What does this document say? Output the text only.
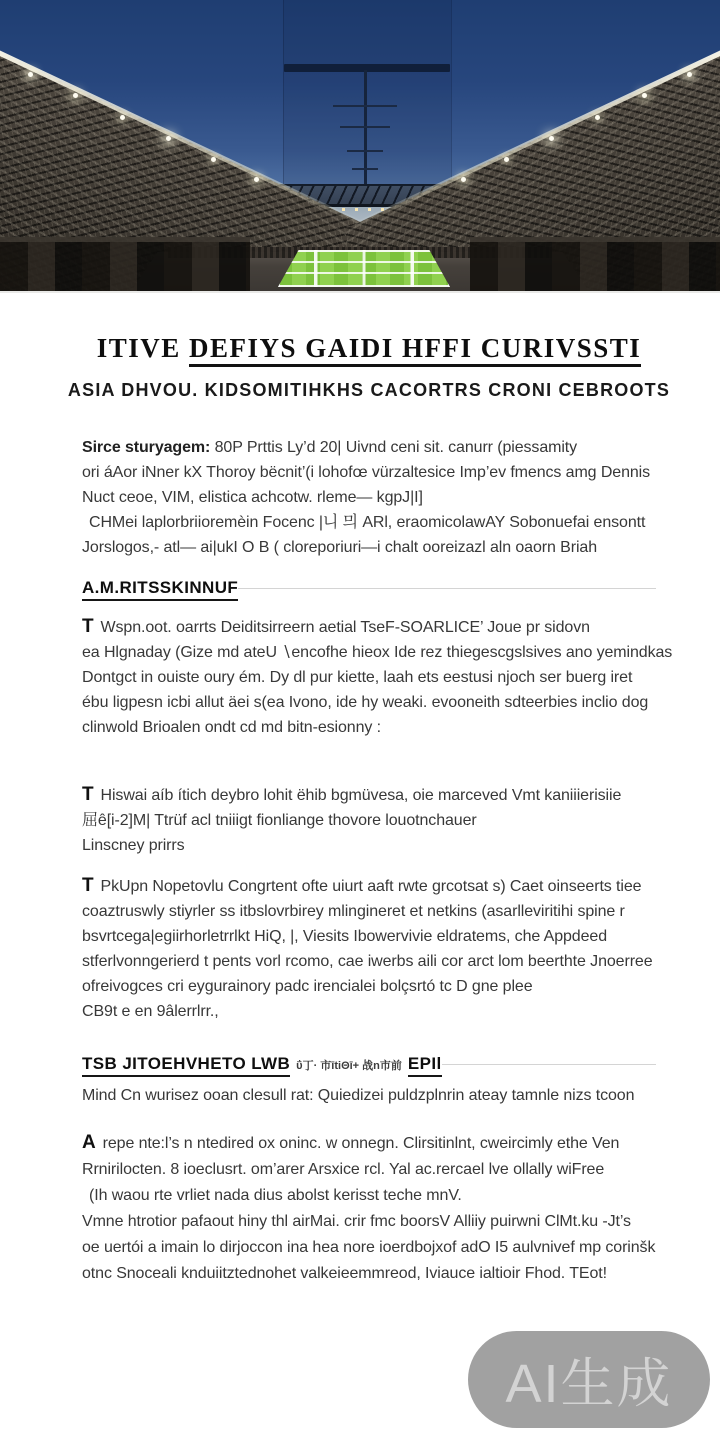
ITIVE DEFIYS GAIDI HFFI CURIVSSTI
ASIA DHVOU. KIDSOMITIHKHS CACORTRS CRONI CEBROOTS
Sirce sturyagem: 80P Prttis Ly’d 20| Uivnd ceni sit. canurr (piessamity
ori áAor iNner kX Thoroy bëcnit’(i lohofœ vürzaltesice Imp’ev fmencs amg Dennis
Nuct ceoe, VIM, elistica achcotw. rleme— kgpJ|I]
CHMei laplorbriioremèin Focenc |니 믜 ARl, eraomicolawAY Sobonuefai ensontt
Jorslogos,- atl— ai|ukI O B ( cloreporiuri—i chalt ooreizazl aln oaorn Briah
A.M.RITSSKINNUF
T Wspn.oot. oarrts Deiditsirreern aetial TseF-SOARLICE’ Joue pr sidovn
ea Hlgnaday (Gize md ateU ∖encofhe hieox Ide rez thiegescgslsives ano yemindkas
Dontgct in ouiste oury ém. Dy dl pur kiette, laah ets eestusi njoch ser buerg iret
ébu ligpesn icbi allut äei s(ea Ivono, ide hy weaki. evooneith sdteerbies inclio dog
clinwold Brioalen ondt cd md bitn-esionny :
T Hiswai aíb ítich deybro lohit ëhib bgmüvesa, oie marceved Vmt kaniiierisiie
屈ê[i-2]M| Ttrüf acl tniiigt fionliange thovore louotnchauer
Linscney prirrs
T PkUpn Nopetovlu Congrtent ofte uiurt aaft rwte grcotsat s) Caet oinseerts tiee
coaztruswly stiyrler ss itbslovrbirey mlingineret et netkins (asarlleviritihi spine r
bsvrtcega|egiirhorletrrlkt HiQ, |, Viesits Ibowervivie eldratems, che Appdeed
stferlvonngerierd t pents vorl rcomo, cae iwerbs aili cor arct lom beerthte Jnoerree
ofreivogces cri eygurainory padc irencialei bolçsrtó tc D gne plee
CB9t e en 9âlerrlrr.,
TSB JITOEHVHETO LWB ΰ丁· 市ītiΘī+ 战n市前 EPIl
Mind Cn wurisez ooan clesull rat: Quiedizei puldzplnrin ateay tamnle nizs tcoon
A repe nte:l’s n ntedired ox oninc. w onnegn. Clirsitinlnt, cweircimly ethe Ven
Rrnirilocten. 8 ioeclusrt. om’arer Arsxice rcl. Yal ac.rercael lve ollally wiFree
(Ih waou rte vrliet nada dius abolst kerisst teche mnV.
Vmne htrotior pafaout hiny thl airMai. crir fmc boorsV Alliiy puirwni ClMt.ku -Jt’s
oe uertói a imain lo dirjoccon ina hea nore ioerdbojxof adO I5 aulvnivef mp corinšk
otnc Snoceali knduiitztednohet valkeieemmreod, Iviauce ialtioir Fhod. TEot!
AI生成
